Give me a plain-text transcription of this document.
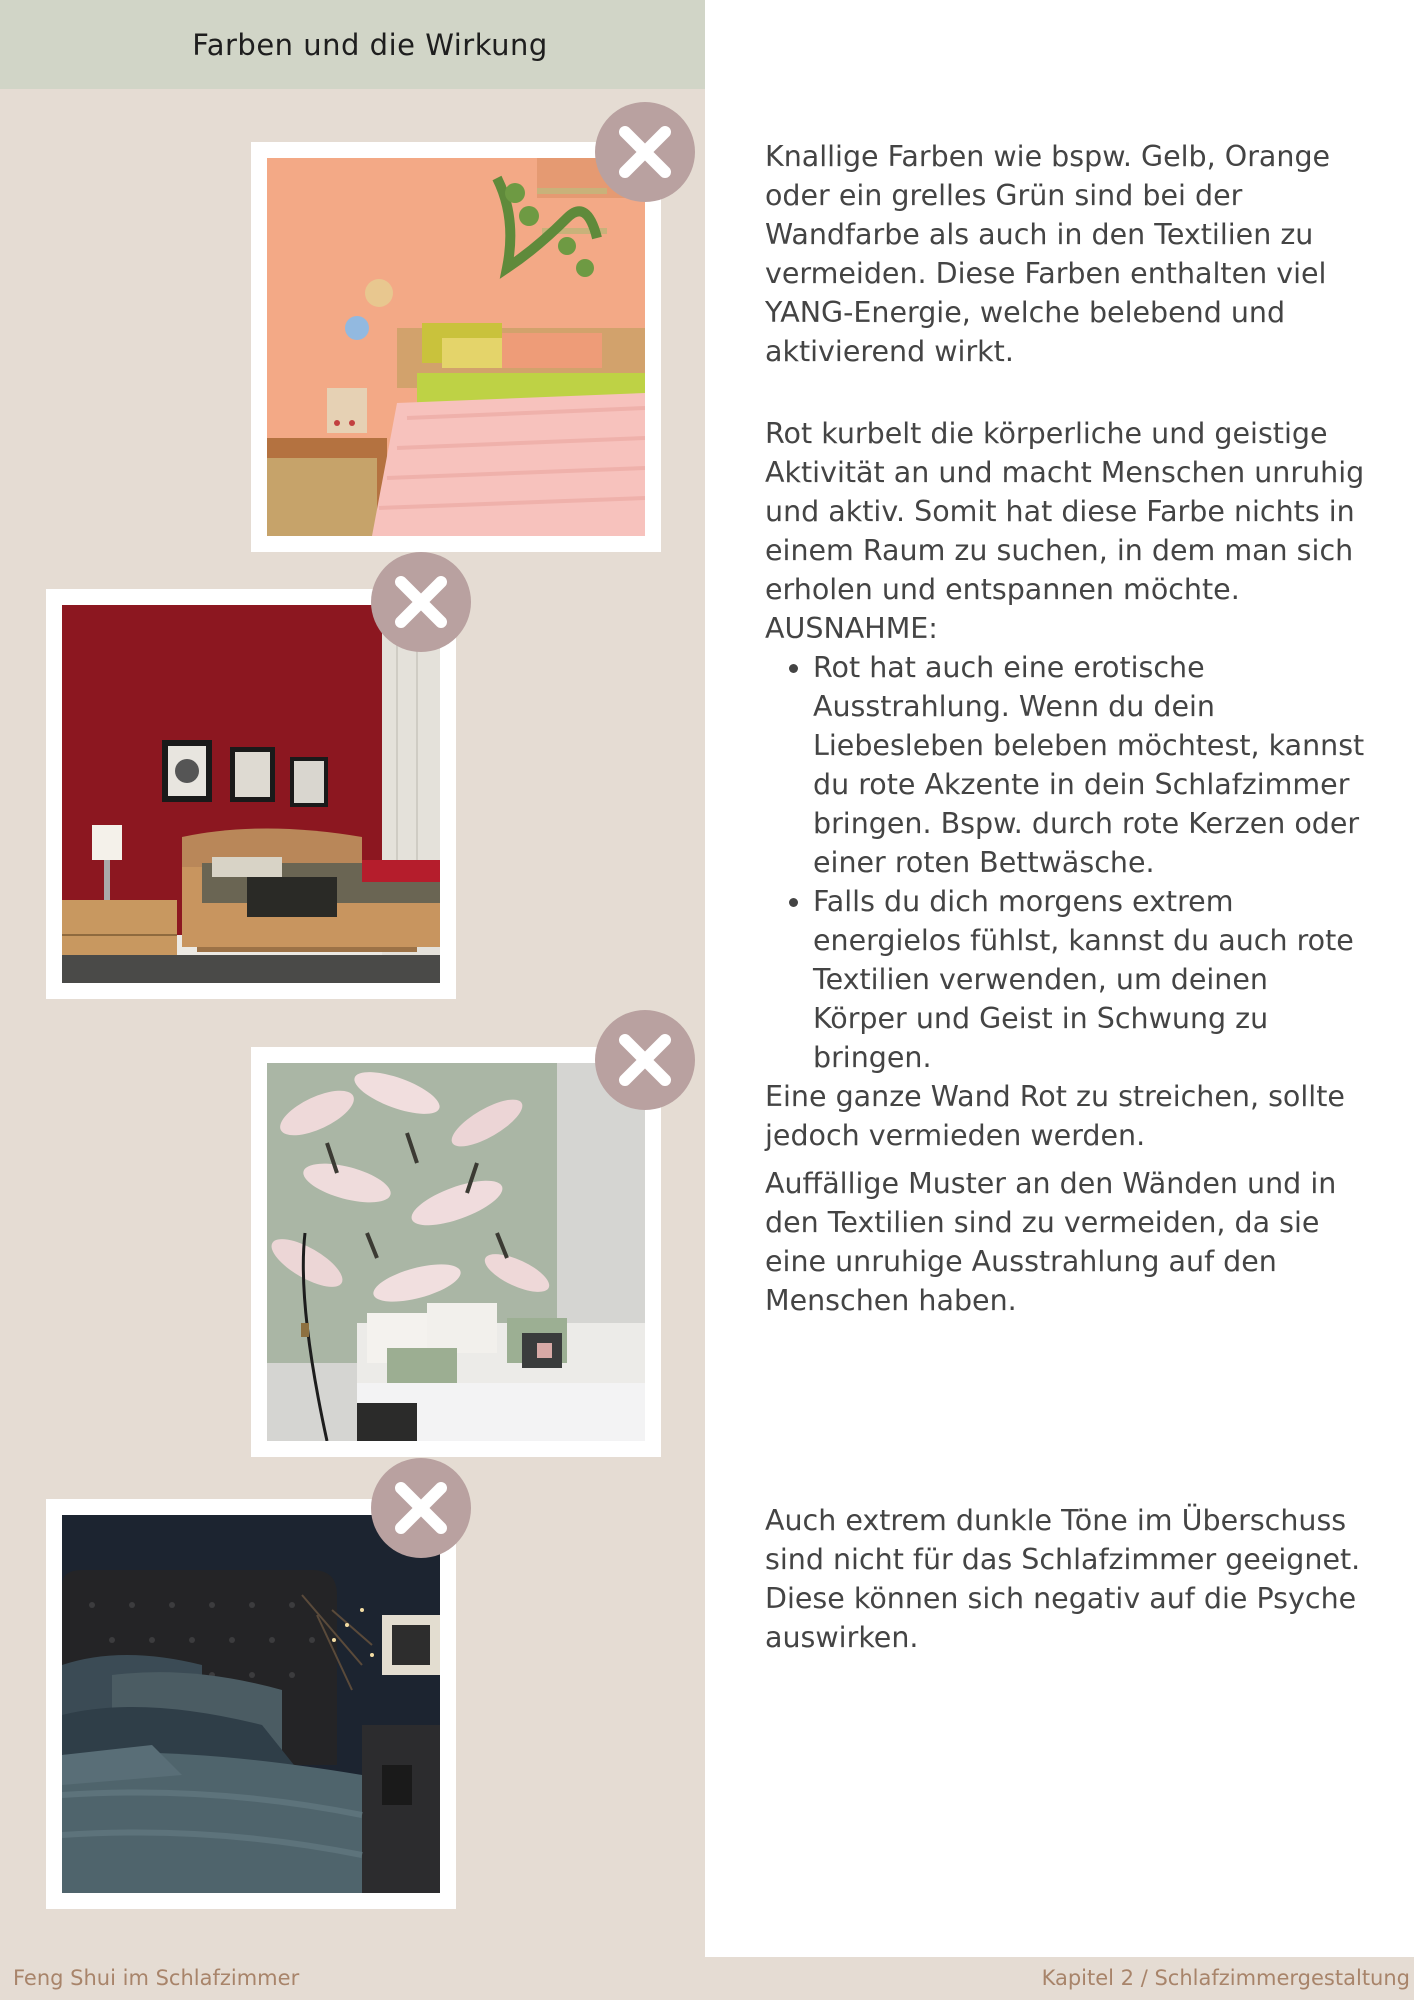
Farben und die Wirkung

Knallige Farben wie bspw. Gelb, Orange oder ein grelles Grün sind bei der Wandfarbe als auch in den Textilien zu vermeiden. Diese Farben enthalten viel YANG-Energie, welche belebend und aktivierend wirkt.

Rot kurbelt die körperliche und geistige Aktivität an und macht Menschen unruhig und aktiv. Somit hat diese Farbe nichts in einem Raum zu suchen, in dem man sich erholen und entspannen möchte.

AUSNAHME:

• Rot hat auch eine erotische Ausstrahlung. Wenn du dein Liebesleben beleben möchtest, kannst du rote Akzente in dein Schlafzimmer bringen. Bspw. durch rote Kerzen oder einer roten Bettwäsche.
• Falls du dich morgens extrem energielos fühlst, kannst du auch rote Textilien verwenden, um deinen Körper und Geist in Schwung zu bringen.

Eine ganze Wand Rot zu streichen, sollte jedoch vermieden werden.

Auffällige Muster an den Wänden und in den Textilien sind zu vermeiden, da sie eine unruhige Ausstrahlung auf den Menschen haben.

Auch extrem dunkle Töne im Überschuss sind nicht für das Schlafzimmer geeignet. Diese können sich negativ auf die Psyche auswirken.

Feng Shui im Schlafzimmer	Kapitel 2 / Schlafzimmergestaltung
